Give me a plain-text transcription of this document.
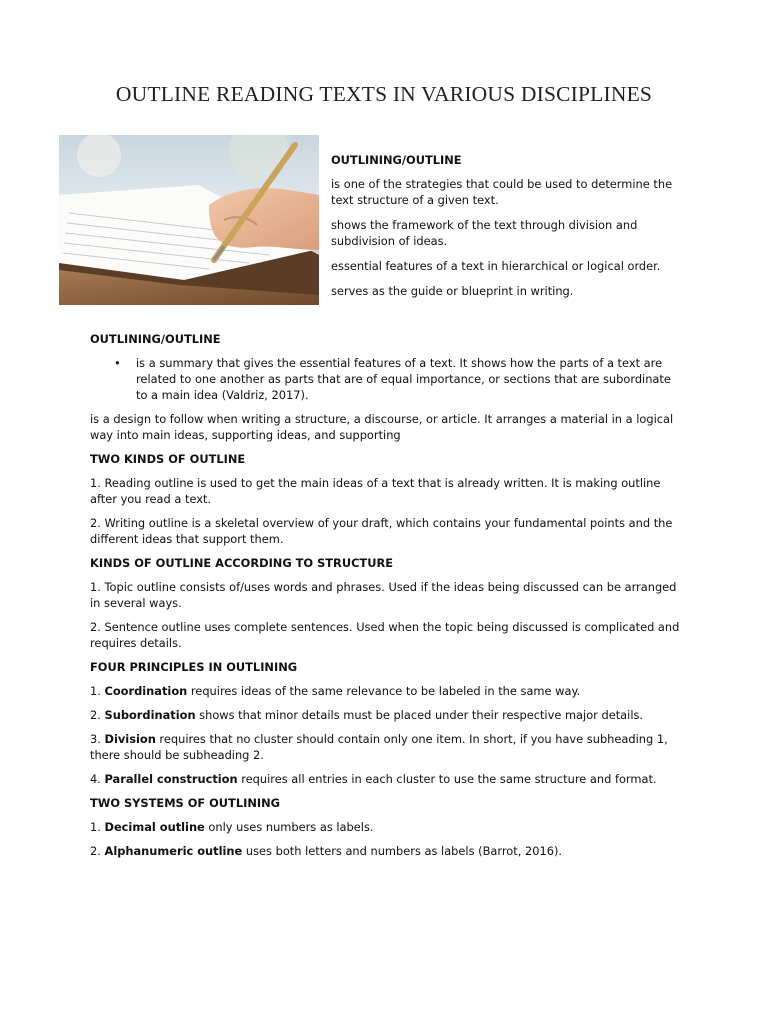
OUTLINE READING TEXTS IN VARIOUS DISCIPLINES

OUTLINING/OUTLINE

is one of the strategies that could be used to determine the text structure of a given text.

shows the framework of the text through division and subdivision of ideas.

essential features of a text in hierarchical or logical order.

serves as the guide or blueprint in writing.

OUTLINING/OUTLINE

• is a summary that gives the essential features of a text. It shows how the parts of a text are related to one another as parts that are of equal importance, or sections that are subordinate to a main idea (Valdriz, 2017).

is a design to follow when writing a structure, a discourse, or article. It arranges a material in a logical way into main ideas, supporting ideas, and supporting

TWO KINDS OF OUTLINE

1. Reading outline is used to get the main ideas of a text that is already written. It is making outline after you read a text.

2. Writing outline is a skeletal overview of your draft, which contains your fundamental points and the different ideas that support them.

KINDS OF OUTLINE ACCORDING TO STRUCTURE

1. Topic outline consists of/uses words and phrases. Used if the ideas being discussed can be arranged in several ways.

2. Sentence outline uses complete sentences. Used when the topic being discussed is complicated and requires details.

FOUR PRINCIPLES IN OUTLINING

1. Coordination requires ideas of the same relevance to be labeled in the same way.

2. Subordination shows that minor details must be placed under their respective major details.

3. Division requires that no cluster should contain only one item. In short, if you have subheading 1, there should be subheading 2.

4. Parallel construction requires all entries in each cluster to use the same structure and format.

TWO SYSTEMS OF OUTLINING

1. Decimal outline only uses numbers as labels.

2. Alphanumeric outline uses both letters and numbers as labels (Barrot, 2016).
